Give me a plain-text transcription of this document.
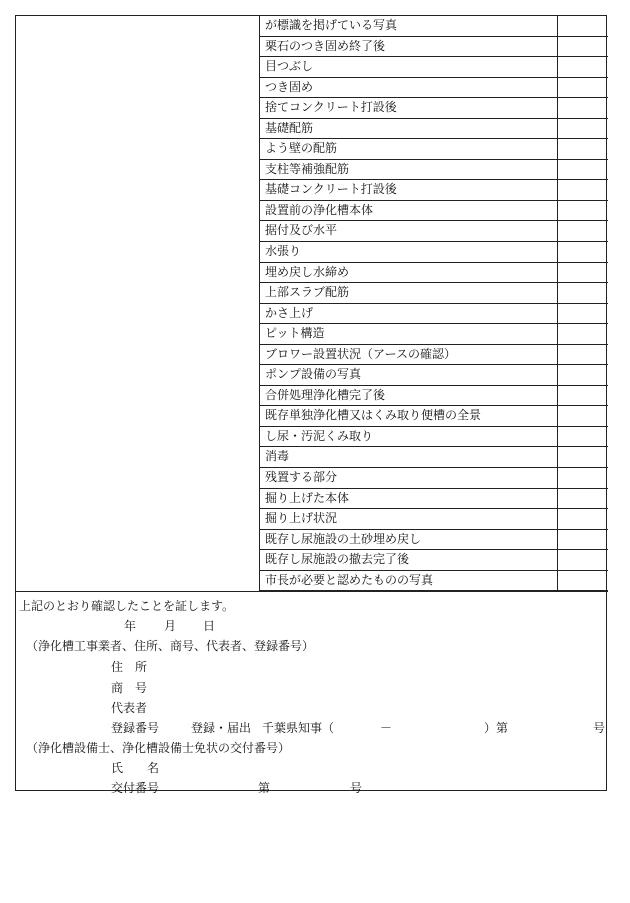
が標識を掲げている写真
栗石のつき固め終了後
目つぶし
つき固め
捨てコンクリート打設後
基礎配筋
よう壁の配筋
支柱等補強配筋
基礎コンクリート打設後
設置前の浄化槽本体
据付及び水平
水張り
埋め戻し水締め
上部スラブ配筋
かさ上げ
ピット構造
ブロワー設置状況（アースの確認）
ポンプ設備の写真
合併処理浄化槽完了後
既存単独浄化槽又はくみ取り便槽の全景
し尿・汚泥くみ取り
消毒
残置する部分
掘り上げた本体
掘り上げ状況
既存し尿施設の土砂埋め戻し
既存し尿施設の撤去完了後
市長が必要と認めたものの写真
上記のとおり確認したことを証します。
年 月 日
（浄化槽工事業者、住所、商号、代表者、登録番号）
住　所
商　号
代表者
登録番号	登録・届出 千葉県知事（	－	）第	号
（浄化槽設備士、浄化槽設備士免状の交付番号）
氏　　名
交付番号	第	号
